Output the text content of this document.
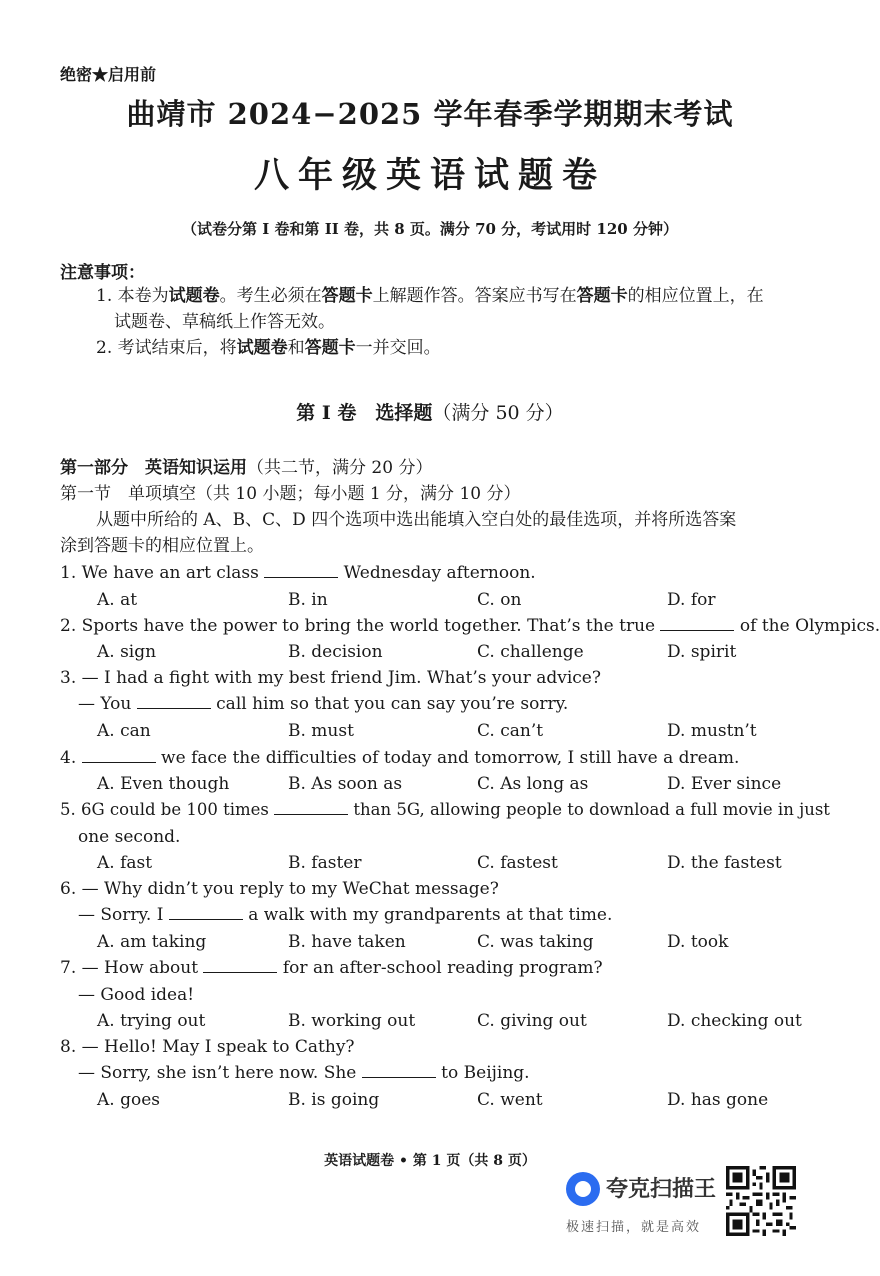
绝密★启用前
曲靖市 2024−2025 学年春季学期期末考试
八年级英语试题卷
（试卷分第 I 卷和第 II 卷，共 8 页。满分 70 分，考试用时 120 分钟）
注意事项：
1. 本卷为试题卷。考生必须在答题卡上解题作答。答案应书写在答题卡的相应位置上，在
试题卷、草稿纸上作答无效。
2. 考试结束后，将试题卷和答题卡一并交回。
第 I 卷　选择题（满分 50 分）
第一部分　英语知识运用（共二节，满分 20 分）
第一节　单项填空（共 10 小题；每小题 1 分，满分 10 分）
从题中所给的 A、B、C、D 四个选项中选出能填入空白处的最佳选项，并将所选答案
涂到答题卡的相应位置上。
1. We have an art class	Wednesday afternoon.
A. at	B. in	C. on	D. for
2. Sports have the power to bring the world together. That’s the true	of the Olympics.
A. sign	B. decision	C. challenge	D. spirit
3. — I had a fight with my best friend Jim. What’s your advice?
— You	call him so that you can say you’re sorry.
A. can	B. must	C. can’t	D. mustn’t
4.	we face the difficulties of today and tomorrow, I still have a dream.
A. Even though	B. As soon as	C. As long as	D. Ever since
5. 6G could be 100 times	than 5G, allowing people to download a full movie in just
one second.
A. fast	B. faster	C. fastest	D. the fastest
6. — Why didn’t you reply to my WeChat message?
— Sorry. I	a walk with my grandparents at that time.
A. am taking	B. have taken	C. was taking	D. took
7. — How about	for an after-school reading program?
— Good idea!
A. trying out	B. working out	C. giving out	D. checking out
8. — Hello! May I speak to Cathy?
— Sorry, she isn’t here now. She	to Beijing.
A. goes	B. is going	C. went	D. has gone
英语试题卷 • 第 1 页（共 8 页）
夸克扫描王
极速扫描，就是高效
